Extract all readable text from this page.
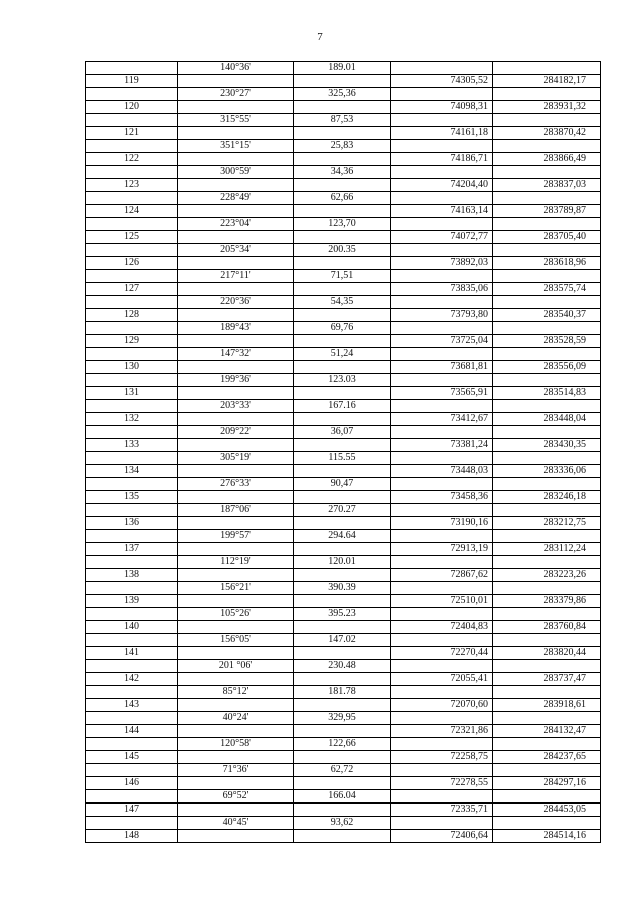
7
	140°36'	189.01		
119			74305,52	284182,17
	230°27'	325,36		
120			74098,31	283931,32
	315°55'	87,53		
121			74161,18	283870,42
	351°15'	25,83		
122			74186,71	283866,49
	300°59'	34,36		
123			74204,40	283837,03
	228°49'	62,66		
124			74163,14	283789,87
	223°04'	123,70		
125			74072,77	283705,40
	205°34'	200.35		
126			73892,03	283618,96
	217°11'	71,51		
127			73835,06	283575,74
	220°36'	54,35		
128			73793,80	283540,37
	189°43'	69,76		
129			73725,04	283528,59
	147°32'	51,24		
130			73681,81	283556,09
	199°36'	123.03		
131			73565,91	283514,83
	203°33'	167.16		
132			73412,67	283448,04
	209°22'	36,07		
133			73381,24	283430,35
	305°19'	115.55		
134			73448,03	283336,06
	276°33'	90,47		
135			73458,36	283246,18
	187°06'	270.27		
136			73190,16	283212,75
	199°57'	294.64		
137			72913,19	283112,24
	112°19'	120.01		
138			72867,62	283223,26
	156°21'	390.39		
139			72510,01	283379,86
	105°26'	395.23		
140			72404,83	283760,84
	156°05'	147.02		
141			72270,44	283820,44
	201 °06'	230.48		
142			72055,41	283737,47
	85°12'	181.78		
143			72070,60	283918,61
	40°24'	329,95		
144			72321,86	284132,47
	120°58'	122,66		
145			72258,75	284237,65
	71°36'	62,72		
146			72278,55	284297,16
	69°52'	166.04		
147			72335,71	284453,05
	40°45'	93,62		
148			72406,64	284514,16
